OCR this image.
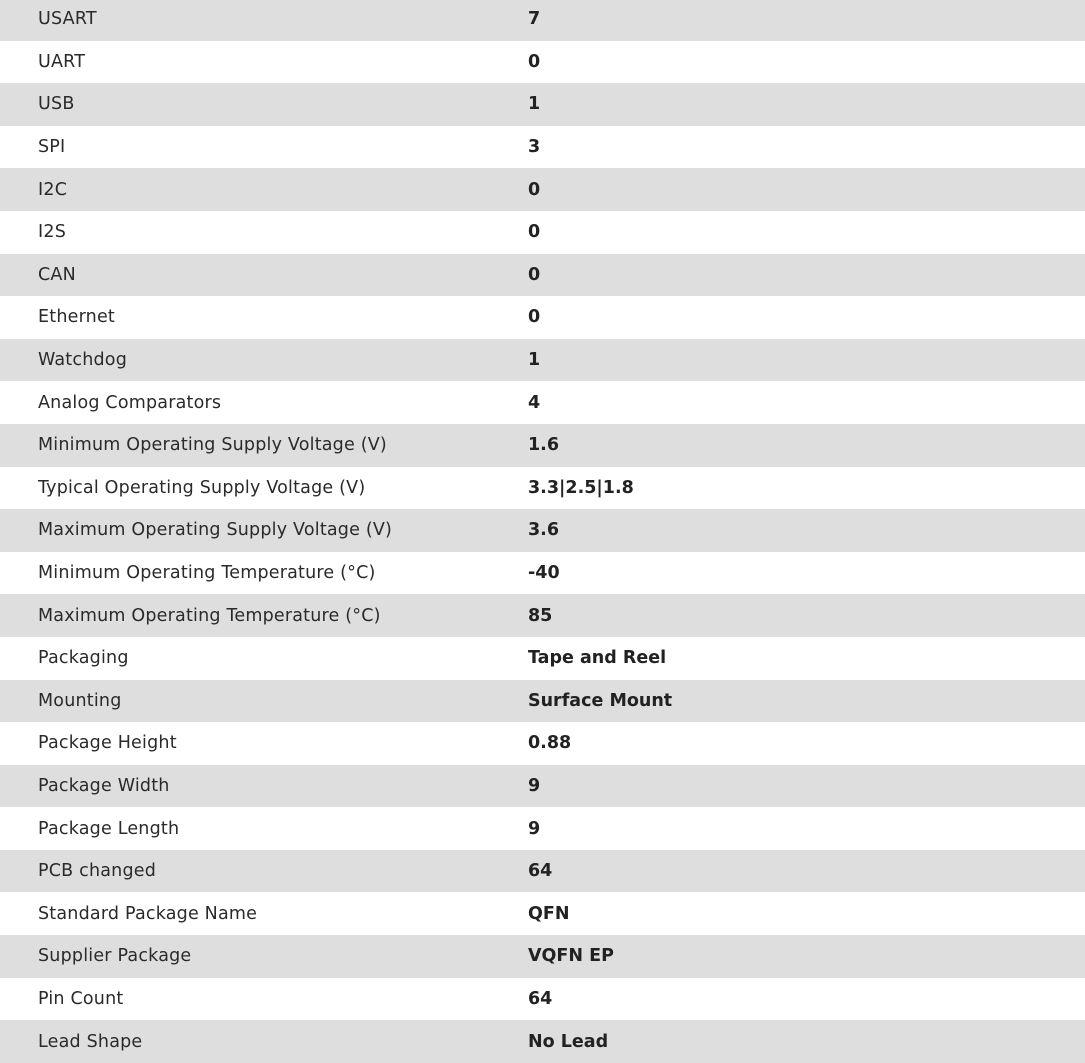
USART	7
UART	0
USB	1
SPI	3
I2C	0
I2S	0
CAN	0
Ethernet	0
Watchdog	1
Analog Comparators	4
Minimum Operating Supply Voltage (V)	1.6
Typical Operating Supply Voltage (V)	3.3|2.5|1.8
Maximum Operating Supply Voltage (V)	3.6
Minimum Operating Temperature (°C)	-40
Maximum Operating Temperature (°C)	85
Packaging	Tape and Reel
Mounting	Surface Mount
Package Height	0.88
Package Width	9
Package Length	9
PCB changed	64
Standard Package Name	QFN
Supplier Package	VQFN EP
Pin Count	64
Lead Shape	No Lead
